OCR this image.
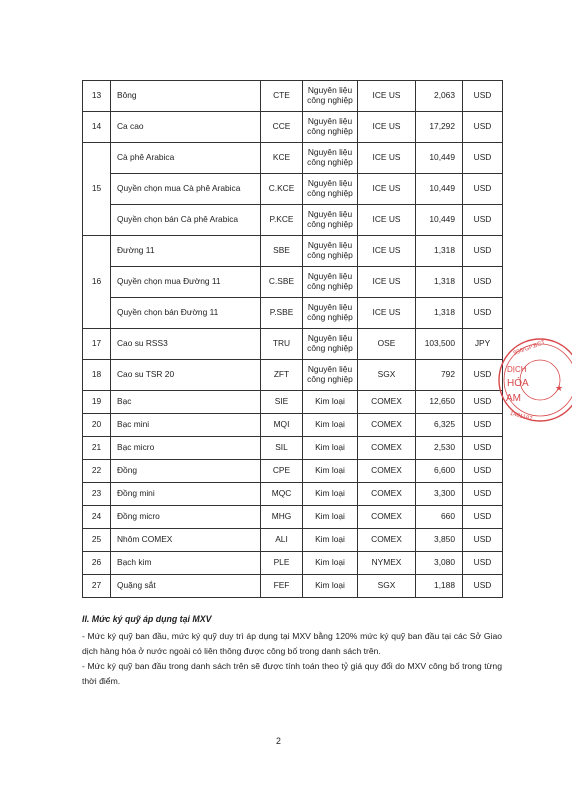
13	Bông	CTE	Nguyên liệu công nghiệp	ICE US	2,063	USD
14	Ca cao	CCE	Nguyên liệu công nghiệp	ICE US	17,292	USD
15	Cà phê Arabica	KCE	Nguyên liệu công nghiệp	ICE US	10,449	USD
	Quyền chọn mua Cà phê Arabica	C.KCE	Nguyên liệu công nghiệp	ICE US	10,449	USD
	Quyền chọn bán Cà phê Arabica	P.KCE	Nguyên liệu công nghiệp	ICE US	10,449	USD
16	Đường 11	SBE	Nguyên liệu công nghiệp	ICE US	1,318	USD
	Quyền chọn mua Đường 11	C.SBE	Nguyên liệu công nghiệp	ICE US	1,318	USD
	Quyền chọn bán Đường 11	P.SBE	Nguyên liệu công nghiệp	ICE US	1,318	USD
17	Cao su RSS3	TRU	Nguyên liệu công nghiệp	OSE	103,500	JPY
18	Cao su TSR 20	ZFT	Nguyên liệu công nghiệp	SGX	792	USD
19	Bạc	SIE	Kim loại	COMEX	12,650	USD
20	Bạc mini	MQI	Kim loại	COMEX	6,325	USD
21	Bạc micro	SIL	Kim loại	COMEX	2,530	USD
22	Đồng	CPE	Kim loại	COMEX	6,600	USD
23	Đồng mini	MQC	Kim loại	COMEX	3,300	USD
24	Đồng micro	MHG	Kim loại	COMEX	660	USD
25	Nhôm COMEX	ALI	Kim loại	COMEX	3,850	USD
26	Bạch kim	PLE	Kim loại	NYMEX	3,080	USD
27	Quặng sắt	FEF	Kim loại	SGX	1,188	USD
996/GP.BCT
DỊCH
HÓA
AM
1401187
★
II. Mức ký quỹ áp dụng tại MXV

- Mức ký quỹ ban đầu, mức ký quỹ duy trì áp dụng tại MXV bằng 120% mức ký quỹ ban đầu tại các Sở Giao dịch hàng hóa ở nước ngoài có liên thông được công bố trong danh sách trên.

- Mức ký quỹ ban đầu trong danh sách trên sẽ được tính toán theo tỷ giá quy đổi do MXV công bố trong từng thời điểm.

2
